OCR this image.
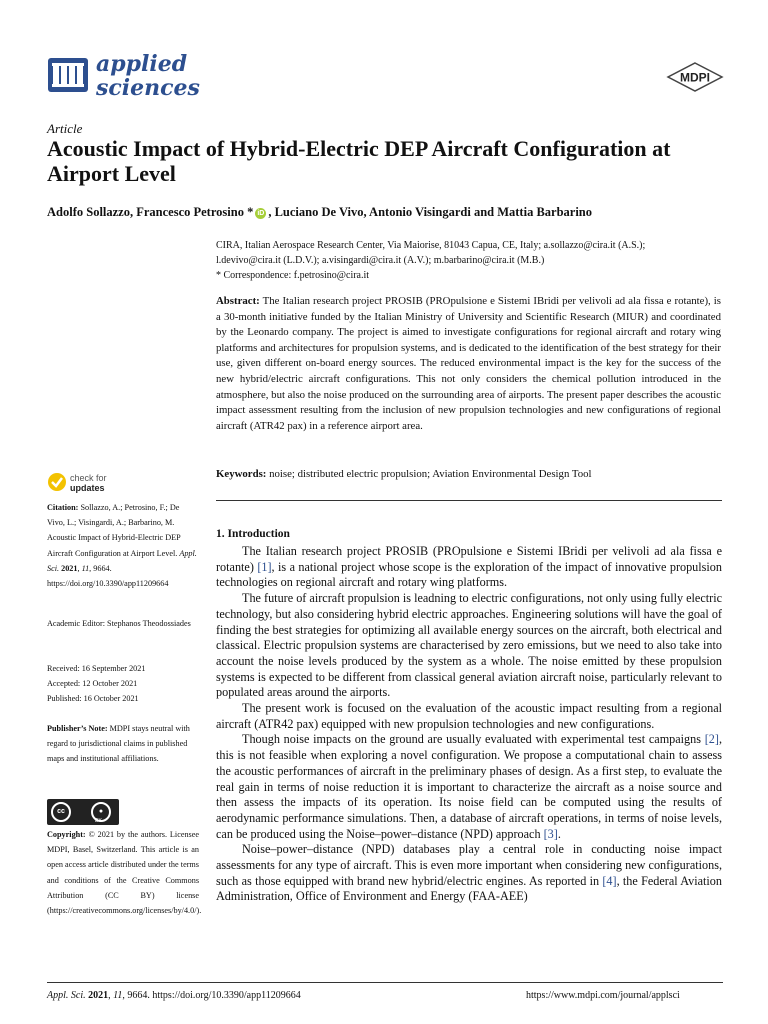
applied
sciences	MDPI
Article
Acoustic Impact of Hybrid-Electric DEP Aircraft Configuration at Airport Level
Adolfo Sollazzo, Francesco Petrosino * iD , Luciano De Vivo, Antonio Visingardi and Mattia Barbarino
CIRA, Italian Aerospace Research Center, Via Maiorise, 81043 Capua, CE, Italy; a.sollazzo@cira.it (A.S.);
l.devivo@cira.it (L.D.V.); a.visingardi@cira.it (A.V.); m.barbarino@cira.it (M.B.)
* Correspondence: f.petrosino@cira.it
Abstract: The Italian research project PROSIB (PROpulsione e Sistemi IBridi per velivoli ad ala fissa e rotante), is a 30-month initiative funded by the Italian Ministry of University and Scientific Research (MIUR) and coordinated by the Leonardo company. The project is aimed to investigate configurations for regional aircraft and rotary wing platforms and architectures for propulsion systems, and is dedicated to the identification of the best strategy for their use, given different on-board energy sources. The reduced environmental impact is the key for the success of the new hybrid/electric aircraft configurations. This not only considers the chemical pollution introduced in the atmosphere, but also the noise produced on the surrounding area of airports. The present paper describes the acoustic impact assessment resulting from the inclusion of new propulsion technologies and new configurations of regional aircraft (ATR42 pax) in a reference airport area.
Keywords: noise; distributed electric propulsion; Aviation Environmental Design Tool
check for
updates
Citation: Sollazzo, A.; Petrosino, F.; De Vivo, L.; Visingardi, A.; Barbarino, M. Acoustic Impact of Hybrid-Electric DEP Aircraft Configuration at Airport Level. Appl. Sci. 2021, 11, 9664. https://doi.org/10.3390/app11209664
Academic Editor: Stephanos Theodossiades
Received: 16 September 2021
Accepted: 12 October 2021
Published: 16 October 2021
Publisher’s Note: MDPI stays neutral with regard to jurisdictional claims in published maps and institutional affiliations.
cc	●
BY
Copyright: © 2021 by the authors. Licensee MDPI, Basel, Switzerland. This article is an open access article distributed under the terms and conditions of the Creative Commons Attribution (CC BY) license (https://creativecommons.org/licenses/by/4.0/).
1. Introduction

The Italian research project PROSIB (PROpulsione e Sistemi IBridi per velivoli ad ala fissa e rotante) [1], is a national project whose scope is the exploration of the impact of innovative propulsion technologies on regional aircraft and rotary wing platforms.

The future of aircraft propulsion is leadning to electric configurations, not only using fully electric technology, but also considering hybrid electric approaches. Engineering solutions will have the goal of finding the best strategies for optimizing all available energy sources on the aircraft, both electrical and classical. Electric propulsion systems are characterised by zero emissions, but we need to also take into account the noise levels produced by the system as a whole. The noise emitted by these propulsion systems is expected to be different from classical general aviation aircraft noise, particularly relevant to populated areas around the airports.

The present work is focused on the evaluation of the acoustic impact resulting from a regional aircraft (ATR42 pax) equipped with new propulsion technologies and new configurations.

Though noise impacts on the ground are usually evaluated with experimental test campaigns [2], this is not feasible when exploring a novel configuration. We propose a computational chain to assess the acoustic performances of aircraft in the preliminary phases of design. As a first step, to evaluate the real gain in terms of noise reduction it is important to characterize the aircraft as a noise source and then assess the impacts of its operation. Its noise field can be computed using the results of aerodynamic performance simulations. Then, a database of aircraft operations, in terms of noise levels, can be produced using the Noise–power–distance (NPD) approach [3].

Noise–power–distance (NPD) databases play a central role in conducting noise impact assessments for any type of aircraft. This is even more important when considering new configurations, such as those equipped with brand new hybrid/electric engines. As reported in [4], the Federal Aviation Administration, Office of Environment and Energy (FAA-AEE)

Appl. Sci. 2021, 11, 9664. https://doi.org/10.3390/app11209664	https://www.mdpi.com/journal/applsci
